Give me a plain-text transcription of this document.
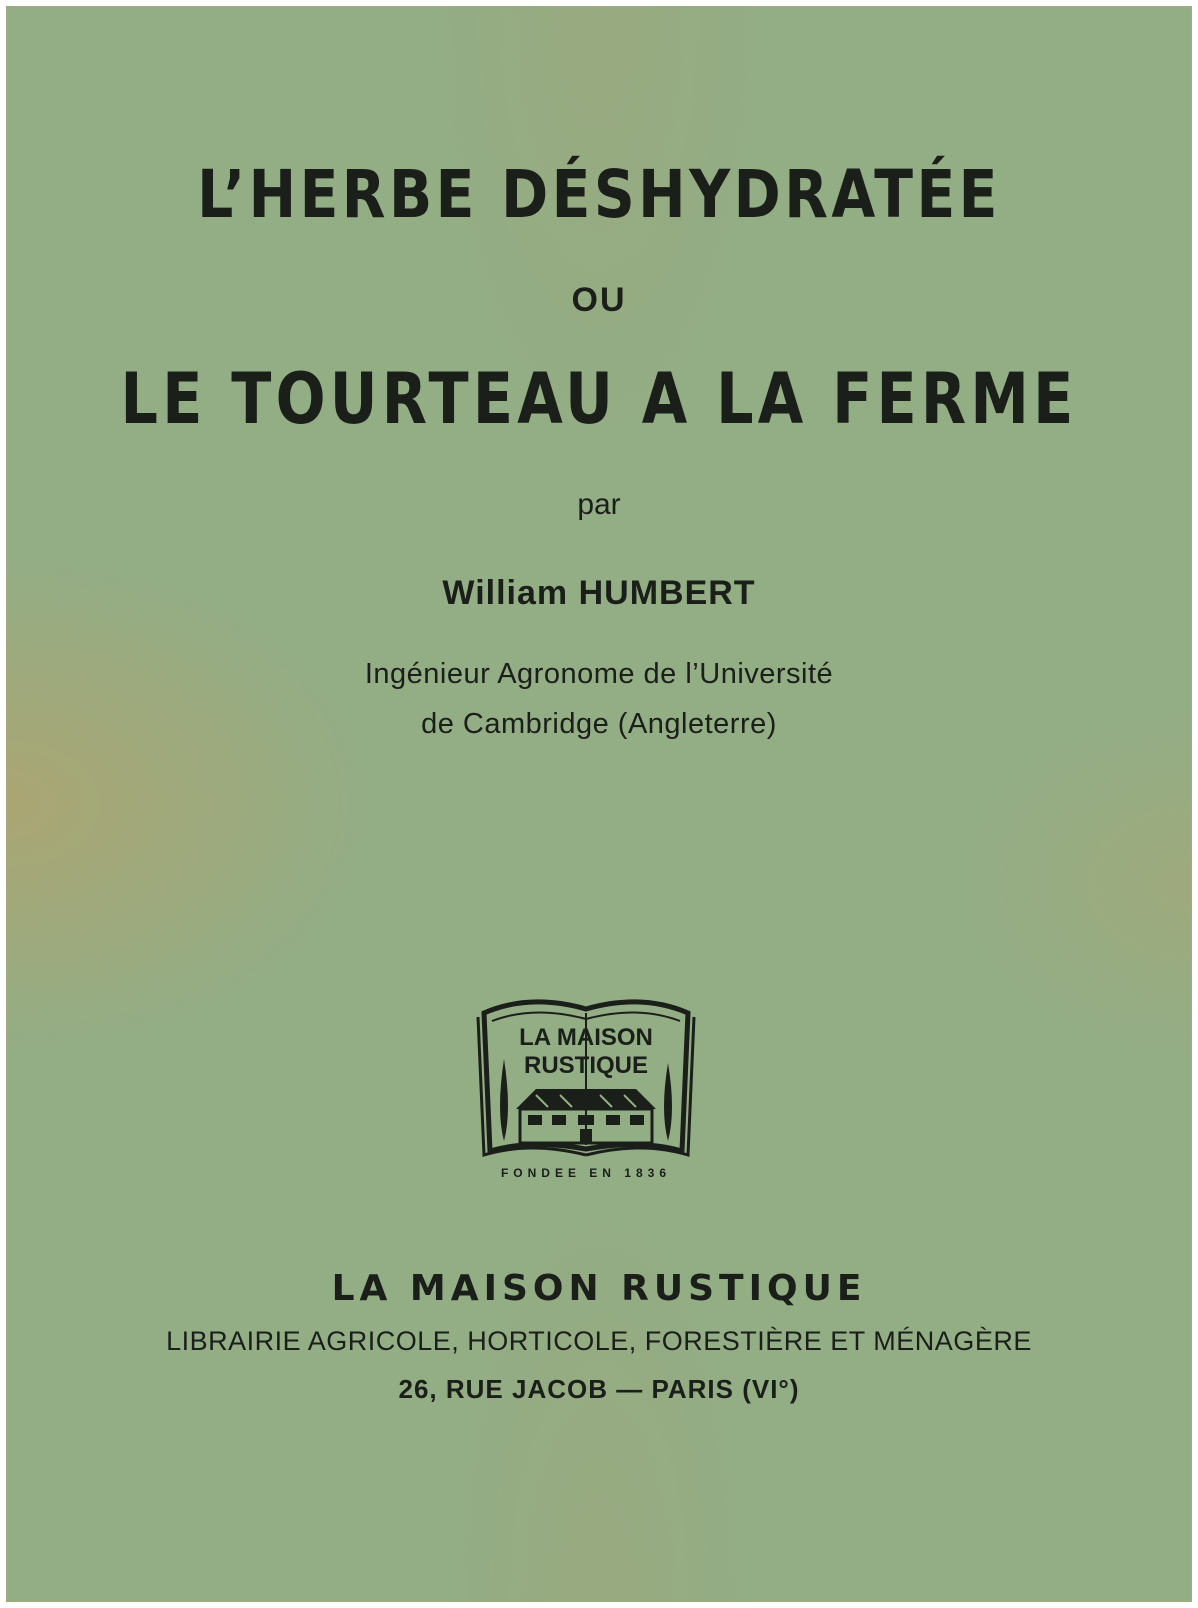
L’HERBE DÉSHYDRATÉE
OU
LE TOURTEAU A LA FERME
par
William HUMBERT
Ingénieur Agronome de l’Université
de Cambridge (Angleterre)
LA MAISON
RUSTIQUE
FONDEE EN 1836
LA MAISON RUSTIQUE
LIBRAIRIE AGRICOLE, HORTICOLE, FORESTIÈRE ET MÉNAGÈRE
26, RUE JACOB — PARIS (VI°)
